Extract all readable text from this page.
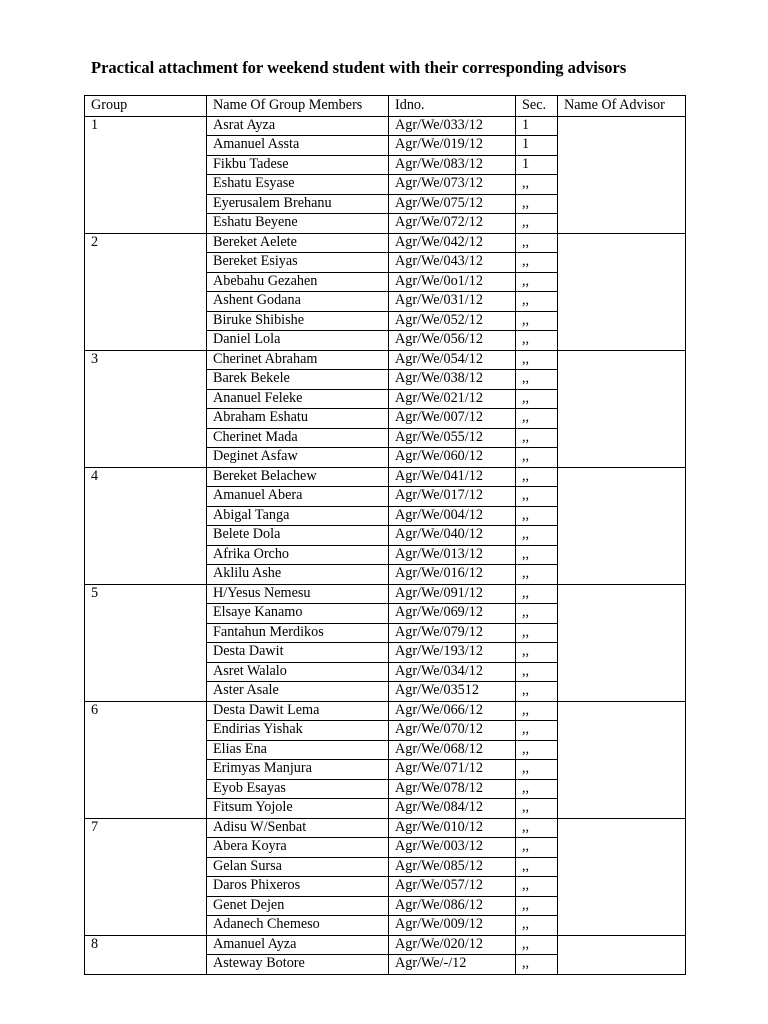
Practical attachment for weekend student with their corresponding advisors
Group	Name Of Group Members	Idno.	Sec.	Name Of Advisor
1	Asrat Ayza	Agr/We/033/12	1	
	Amanuel Assta	Agr/We/019/12	1	
	Fikbu Tadese	Agr/We/083/12	1	
	Eshatu Esyase	Agr/We/073/12	,,	
	Eyerusalem Brehanu	Agr/We/075/12	,,	
	Eshatu Beyene	Agr/We/072/12	,,	
2	Bereket Aelete	Agr/We/042/12	,,	
	Bereket Esiyas	Agr/We/043/12	,,	
	Abebahu Gezahen	Agr/We/0o1/12	,,	
	Ashent Godana	Agr/We/031/12	,,	
	Biruke Shibishe	Agr/We/052/12	,,	
	Daniel Lola	Agr/We/056/12	,,	
3	Cherinet Abraham	Agr/We/054/12	,,	
	Barek Bekele	Agr/We/038/12	,,	
	Ananuel Feleke	Agr/We/021/12	,,	
	Abraham Eshatu	Agr/We/007/12	,,	
	Cherinet Mada	Agr/We/055/12	,,	
	Deginet Asfaw	Agr/We/060/12	,,	
4	Bereket Belachew	Agr/We/041/12	,,	
	Amanuel Abera	Agr/We/017/12	,,	
	Abigal Tanga	Agr/We/004/12	,,	
	Belete Dola	Agr/We/040/12	,,	
	Afrika Orcho	Agr/We/013/12	,,	
	Aklilu Ashe	Agr/We/016/12	,,	
5	H/Yesus Nemesu	Agr/We/091/12	,,	
	Elsaye Kanamo	Agr/We/069/12	,,	
	Fantahun Merdikos	Agr/We/079/12	,,	
	Desta Dawit	Agr/We/193/12	,,	
	Asret Walalo	Agr/We/034/12	,,	
	Aster Asale	Agr/We/03512	,,	
6	Desta Dawit Lema	Agr/We/066/12	,,	
	Endirias Yishak	Agr/We/070/12	,,	
	Elias Ena	Agr/We/068/12	,,	
	Erimyas Manjura	Agr/We/071/12	,,	
	Eyob Esayas	Agr/We/078/12	,,	
	Fitsum Yojole	Agr/We/084/12	,,	
7	Adisu W/Senbat	Agr/We/010/12	,,	
	Abera Koyra	Agr/We/003/12	,,	
	Gelan Sursa	Agr/We/085/12	,,	
	Daros Phixeros	Agr/We/057/12	,,	
	Genet Dejen	Agr/We/086/12	,,	
	Adanech Chemeso	Agr/We/009/12	,,	
8	Amanuel Ayza	Agr/We/020/12	,,	
	Asteway Botore	Agr/We/-/12	,,	
